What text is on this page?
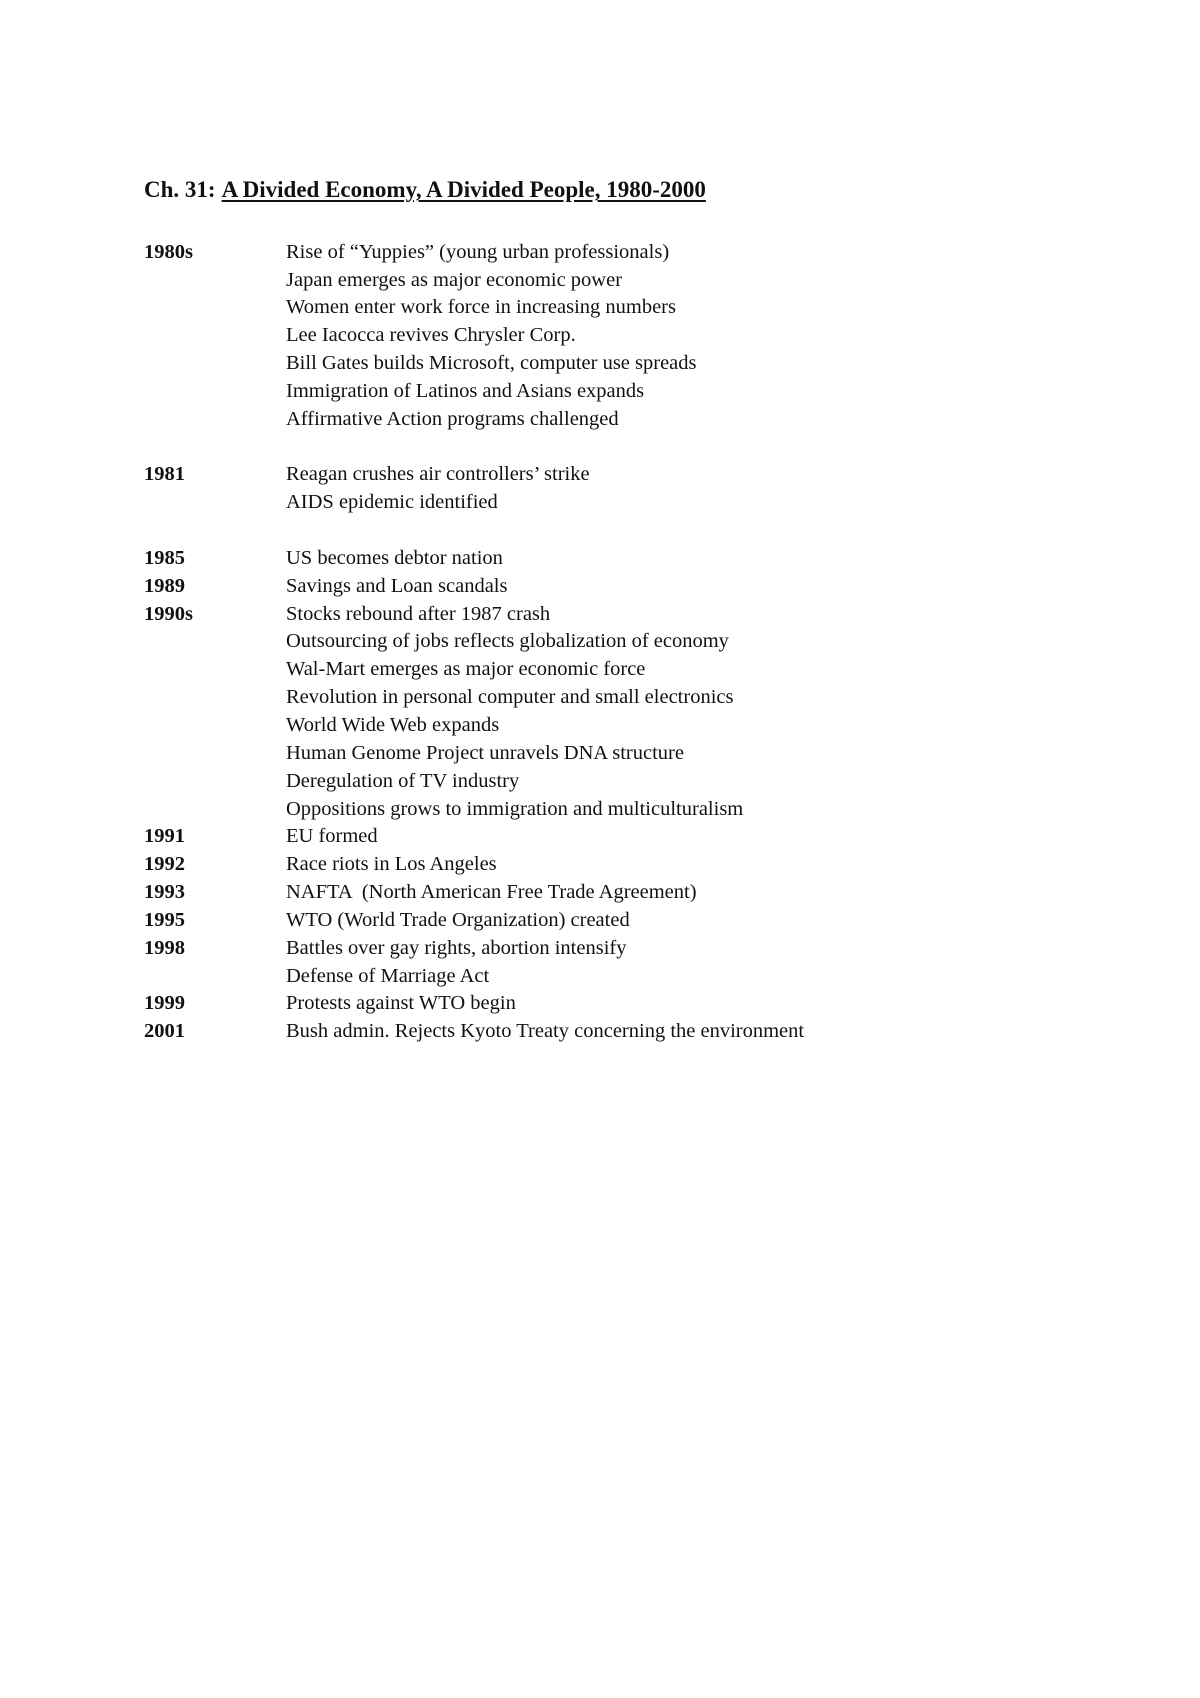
Ch. 31: A Divided Economy, A Divided People, 1980-2000
1980s	Rise of “Yuppies” (young urban professionals)
Japan emerges as major economic power
Women enter work force in increasing numbers
Lee Iacocca revives Chrysler Corp.
Bill Gates builds Microsoft, computer use spreads
Immigration of Latinos and Asians expands
Affirmative Action programs challenged
1981	Reagan crushes air controllers’ strike
AIDS epidemic identified
1985	US becomes debtor nation
1989	Savings and Loan scandals
1990s	Stocks rebound after 1987 crash
Outsourcing of jobs reflects globalization of economy
Wal-Mart emerges as major economic force
Revolution in personal computer and small electronics
World Wide Web expands
Human Genome Project unravels DNA structure
Deregulation of TV industry
Oppositions grows to immigration and multiculturalism
1991	EU formed
1992	Race riots in Los Angeles
1993	NAFTA  (North American Free Trade Agreement)
1995	WTO (World Trade Organization) created
1998	Battles over gay rights, abortion intensify
Defense of Marriage Act
1999	Protests against WTO begin
2001	Bush admin. Rejects Kyoto Treaty concerning the environment
